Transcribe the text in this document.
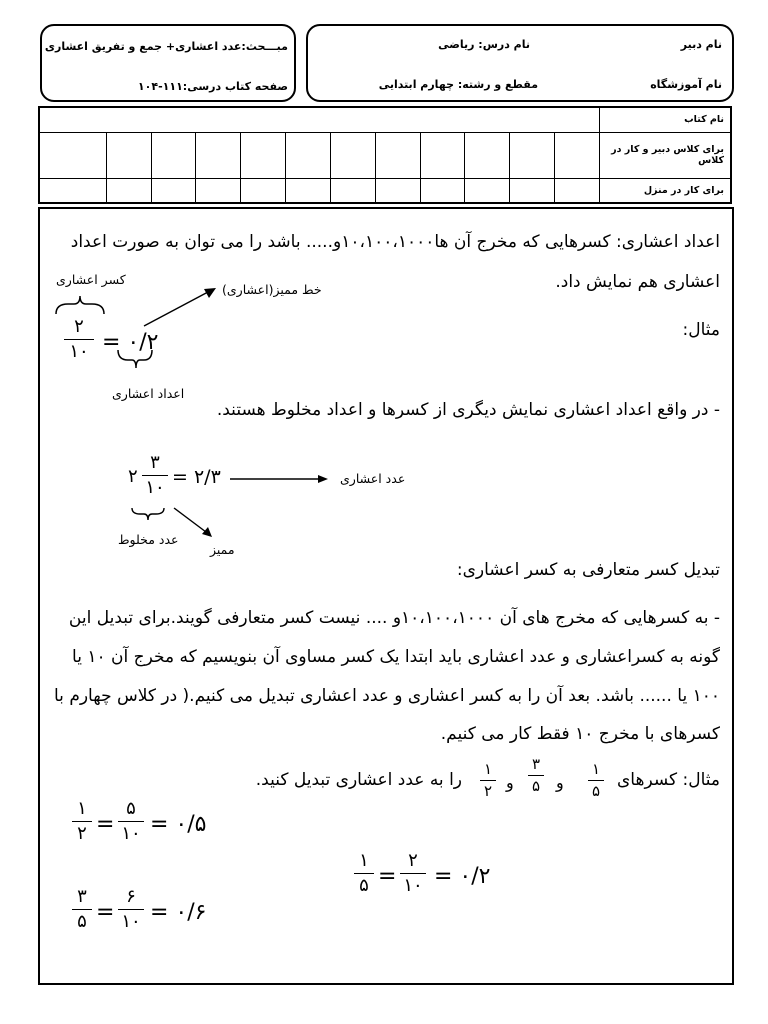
مبـــحث:عدد اعشاری+ جمع و تفریق اعشاری
صفحه کتاب درسی:۱۱۱-۱۰۴
نام درس: ریاضی
مقطع و رشته: چهارم ابتدایی
نام دبیر
نام آموزشگاه
												نام کتاب
												برای کلاس دبیر و کار در کلاس
												برای کار در منزل
اعداد اعشاری: کسرهایی که مخرج آن ها۱۰،۱۰۰،۱۰۰۰و..... باشد را می توان به صورت اعداد
اعشاری هم نمایش داد.
مثال:
کسر اعشاری
خط ممیز(اعشاری)
۲
۱۰ = ۰/۲
اعداد اعشاری
- در واقع اعداد اعشاری نمایش دیگری از کسرها و اعداد مخلوط هستند.
۲
۳
۱۰ = ۲/۳	عدد اعشاری
عدد مخلوط
ممیز
تبدیل کسر متعارفی به کسر اعشاری:
- به کسرهایی که مخرج های آن ۱۰،۱۰۰،۱۰۰۰و .... نیست کسر متعارفی گویند.برای تبدیل این
گونه به کسراعشاری و عدد اعشاری باید ابتدا یک کسر مساوی آن بنویسیم که مخرج آن ۱۰ یا
۱۰۰ یا ...... باشد. بعد آن را به کسر اعشاری و عدد اعشاری تبدیل می کنیم.( در کلاس چهارم با
کسرهای با مخرج ۱۰ فقط کار می کنیم.
مثال: کسرهای
۱
۵
و
۳
۵
و
۱
۲
را به عدد اعشاری تبدیل کنید.
۱
۲ =
۵
۱۰ = ۰/۵
۱
۵ =
۲
۱۰ = ۰/۲
۳
۵ =
۶
۱۰ = ۰/۶
